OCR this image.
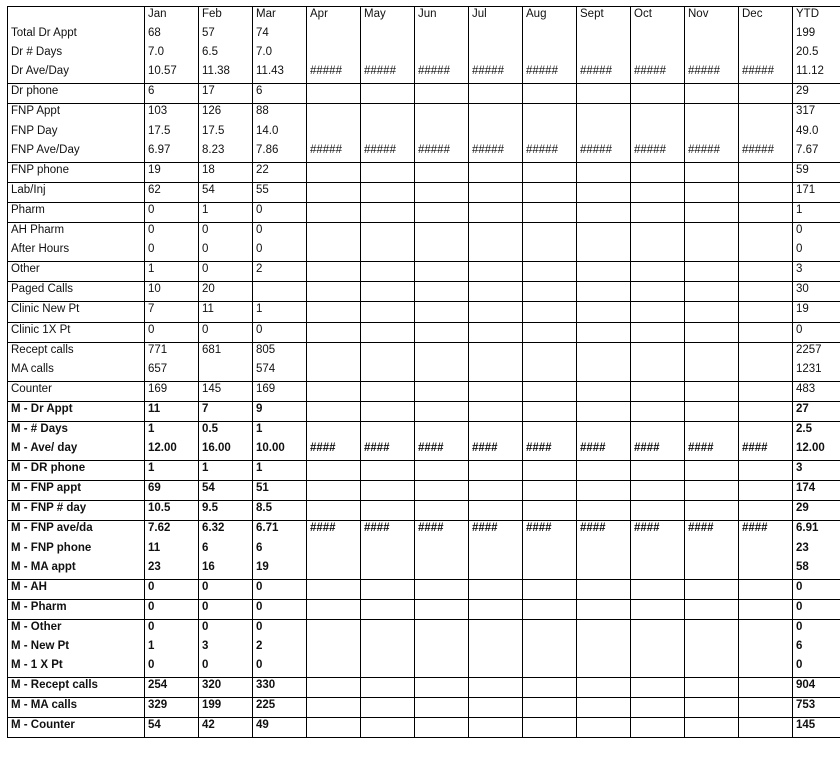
	Jan	Feb	Mar	Apr	May	Jun	Jul	Aug	Sept	Oct	Nov	Dec	YTD
Total Dr Appt	68	57	74										199
Dr # Days	7.0	6.5	7.0										20.5
Dr Ave/Day	10.57	11.38	11.43	#####	#####	#####	#####	#####	#####	#####	#####	#####	11.12
Dr phone	6	17	6										29
FNP Appt	103	126	88										317
FNP Day	17.5	17.5	14.0										49.0
FNP Ave/Day	6.97	8.23	7.86	#####	#####	#####	#####	#####	#####	#####	#####	#####	7.67
FNP phone	19	18	22										59
Lab/Inj	62	54	55										171
Pharm	0	1	0										1
AH Pharm	0	0	0										0
After Hours	0	0	0										0
Other	1	0	2										3
Paged Calls	10	20											30
Clinic New Pt	7	11	1										19
Clinic 1X Pt	0	0	0										0
Recept calls	771	681	805										2257
MA calls	657		574										1231
Counter	169	145	169										483
M - Dr Appt	11	7	9										27
M - # Days	1	0.5	1										2.5
M - Ave/ day	12.00	16.00	10.00	####	####	####	####	####	####	####	####	####	12.00
M - DR phone	1	1	1										3
M - FNP appt	69	54	51										174
M - FNP # day	10.5	9.5	8.5										29
M - FNP ave/da	7.62	6.32	6.71	####	####	####	####	####	####	####	####	####	6.91
M - FNP phone	11	6	6										23
M - MA appt	23	16	19										58
M - AH	0	0	0										0
M - Pharm	0	0	0										0
M - Other	0	0	0										0
M - New Pt	1	3	2										6
M - 1 X Pt	0	0	0										0
M - Recept calls	254	320	330										904
M - MA calls	329	199	225										753
M - Counter	54	42	49										145
